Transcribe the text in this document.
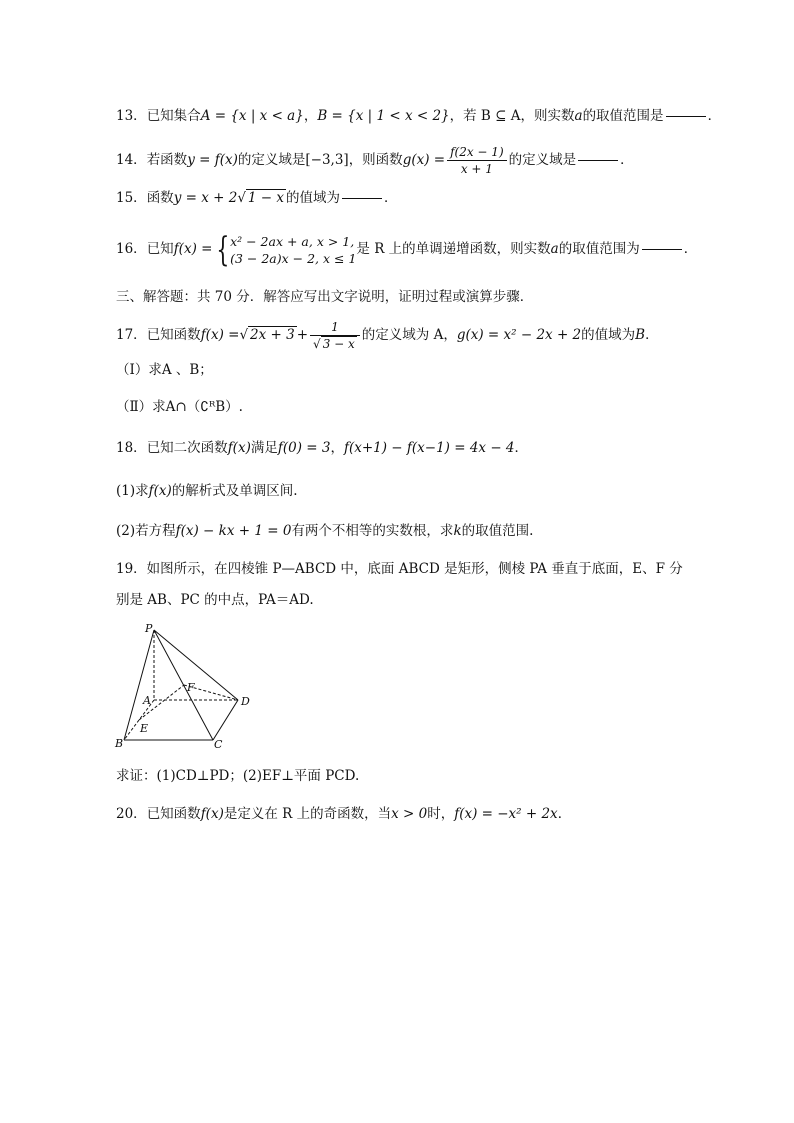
13．已知集合A = {x | x < a}，B = {x | 1 < x < 2}，若 B ⊆ A，则实数a的取值范围是	．
14．若函数y = f(x)的定义域是[−3,3]，则函数$g(x) = \frac{f(2x - 1)}{x + 1}$ 的定义域是	．
15．函数y = x + 2√ 1 − x 的值域为	．
16．已知f(x) = { x² − 2ax + a, x > 1,
(3 − 2a)x − 2, x ≤ 1
是 R 上的单调递增函数，则实数a的取值范围为	．
三、解答题：共 70 分．解答应写出文字说明，证明过程或演算步骤．
17．已知函数f(x) =√ $2x + 3 + \frac{1}{√ 3 - x}$ 的定义域为 A，g(x) = x² − 2x + 2的值域为B．
（Ⅰ）求A 、B；
（Ⅱ）求A∩（∁ᴿB）.
18．已知二次函数f(x)满足f(0) = 3，f(x+1) − f(x−1) = 4x − 4．
(1)求f(x)的解析式及单调区间.
(2)若方程f(x) − kx + 1 = 0有两个不相等的实数根，求k的取值范围.
19．如图所示，在四棱锥 P—ABCD 中，底面 ABCD 是矩形，侧棱 PA 垂直于底面，E、F 分
别是 AB、PC 的中点，PA＝AD.
P
A
B	C
D
E
F
求证：(1)CD⊥PD；(2)EF⊥平面 PCD.
20．已知函数f(x)是定义在 R 上的奇函数，当x > 0时，f(x) = −x² + 2x．
